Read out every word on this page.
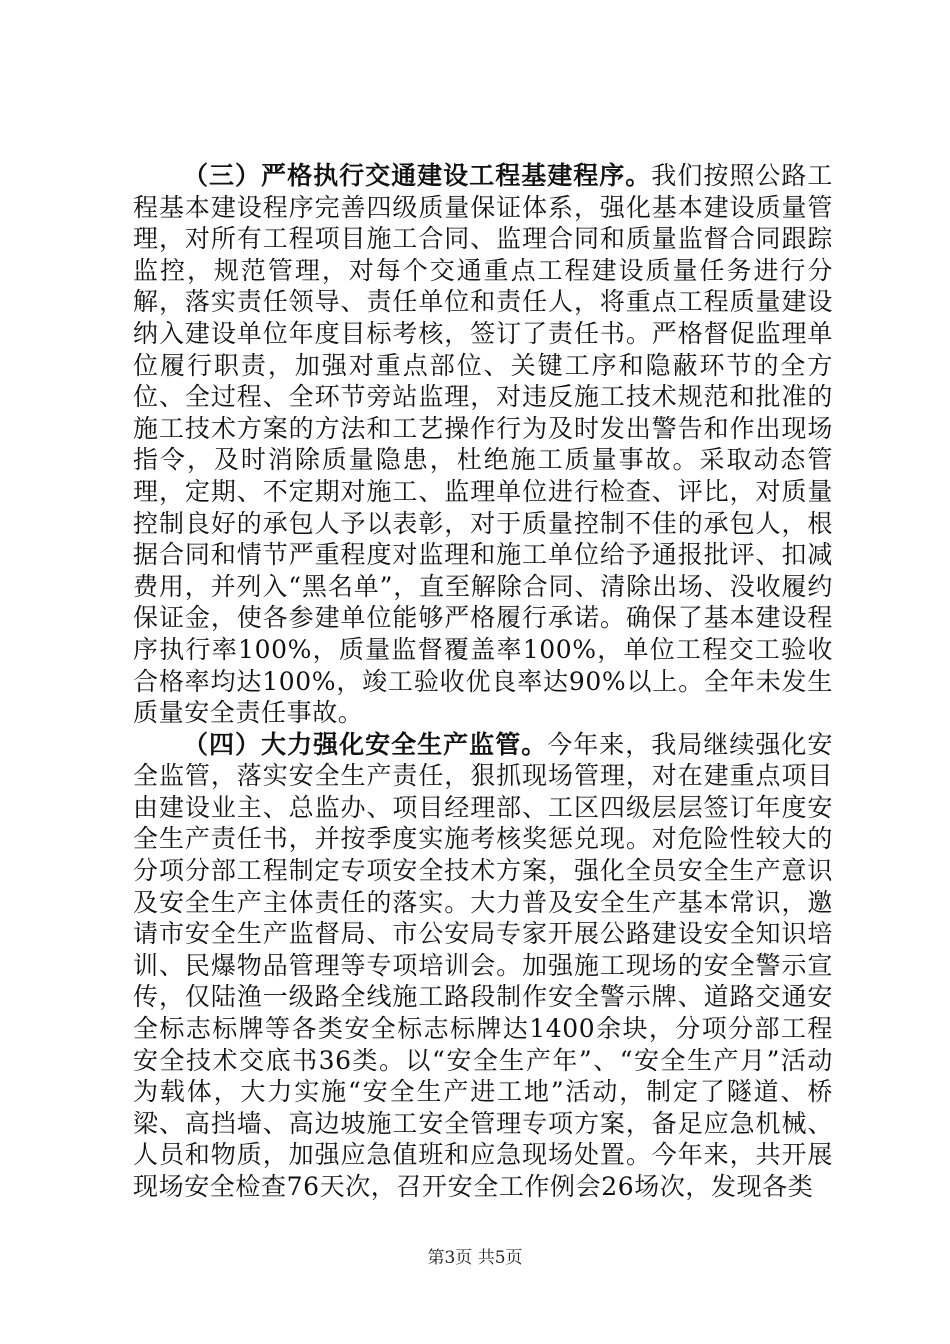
（三）严格执行交通建设工程基建程序。我们按照公路工程基本建设程序完善四级质量保证体系，强化基本建设质量管理，对所有工程项目施工合同、监理合同和质量监督合同跟踪监控，规范管理，对每个交通重点工程建设质量任务进行分解，落实责任领导、责任单位和责任人，将重点工程质量建设纳入建设单位年度目标考核，签订了责任书。严格督促监理单位履行职责，加强对重点部位、关键工序和隐蔽环节的全方位、全过程、全环节旁站监理，对违反施工技术规范和批准的施工技术方案的方法和工艺操作行为及时发出警告和作出现场指令，及时消除质量隐患，杜绝施工质量事故。采取动态管理，定期、不定期对施工、监理单位进行检查、评比，对质量控制良好的承包人予以表彰，对于质量控制不佳的承包人，根据合同和情节严重程度对监理和施工单位给予通报批评、扣减费用，并列入“黑名单”，直至解除合同、清除出场、没收履约保证金，使各参建单位能够严格履行承诺。确保了基本建设程序执行率100%，质量监督覆盖率100%，单位工程交工验收合格率均达100%，竣工验收优良率达90%以上。全年未发生质量安全责任事故。

（四）大力强化安全生产监管。今年来，我局继续强化安全监管，落实安全生产责任，狠抓现场管理，对在建重点项目由建设业主、总监办、项目经理部、工区四级层层签订年度安全生产责任书，并按季度实施考核奖惩兑现。对危险性较大的分项分部工程制定专项安全技术方案，强化全员安全生产意识及安全生产主体责任的落实。大力普及安全生产基本常识，邀请市安全生产监督局、市公安局专家开展公路建设安全知识培训、民爆物品管理等专项培训会。加强施工现场的安全警示宣传，仅陆渔一级路全线施工路段制作安全警示牌、道路交通安全标志标牌等各类安全标志标牌达1400余块，分项分部工程安全技术交底书36类。以“安全生产年”、“安全生产月”活动为载体，大力实施“安全生产进工地”活动，制定了隧道、桥梁、高挡墙、高边坡施工安全管理专项方案，备足应急机械、人员和物质，加强应急值班和应急现场处置。今年来，共开展现场安全检查76天次，召开安全工作例会26场次，发现各类

第3页 共5页
